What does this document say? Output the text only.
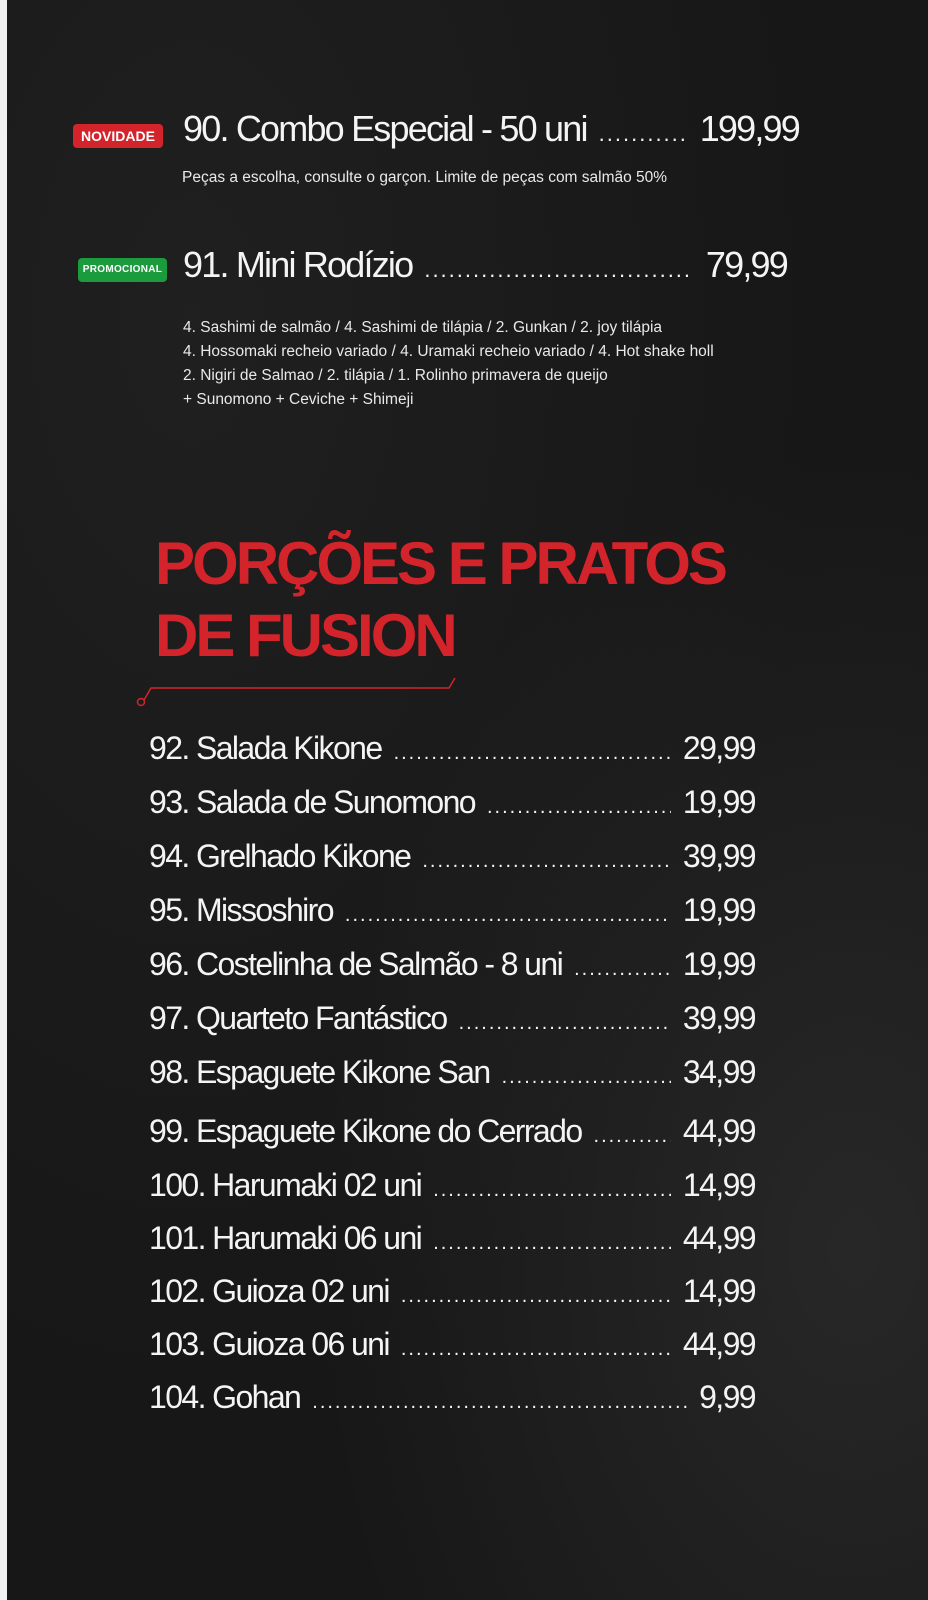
NOVIDADE 90. Combo Especial - 50 uni .....	199,99
Peças a escolha, consulte o garçon. Limite de peças com salmão 50%
PROMOCIONAL 91. Mini Rodízio .....	79,99
4. Sashimi de salmão / 4. Sashimi de tilápia / 2. Gunkan / 2. joy tilápia
4. Hossomaki recheio variado / 4. Uramaki recheio variado / 4. Hot shake holl
2. Nigiri de Salmao / 2. tilápia / 1. Rolinho primavera de queijo
+ Sunomono + Ceviche + Shimeji
PORÇÕES E PRATOS
DE FUSION
92. Salada Kikone .....	29,99
93. Salada de Sunomono .....	19,99
94. Grelhado Kikone .....	39,99
95. Missoshiro .....	19,99
96. Costelinha de Salmão - 8 uni .....	19,99
97. Quarteto Fantástico .....	39,99
98. Espaguete Kikone San .....	34,99
99. Espaguete Kikone do Cerrado .....	44,99
100. Harumaki 02 uni .....	14,99
101. Harumaki 06 uni .....	44,99
102. Guioza 02 uni .....	14,99
103. Guioza 06 uni .....	44,99
104. Gohan .....	9,99
